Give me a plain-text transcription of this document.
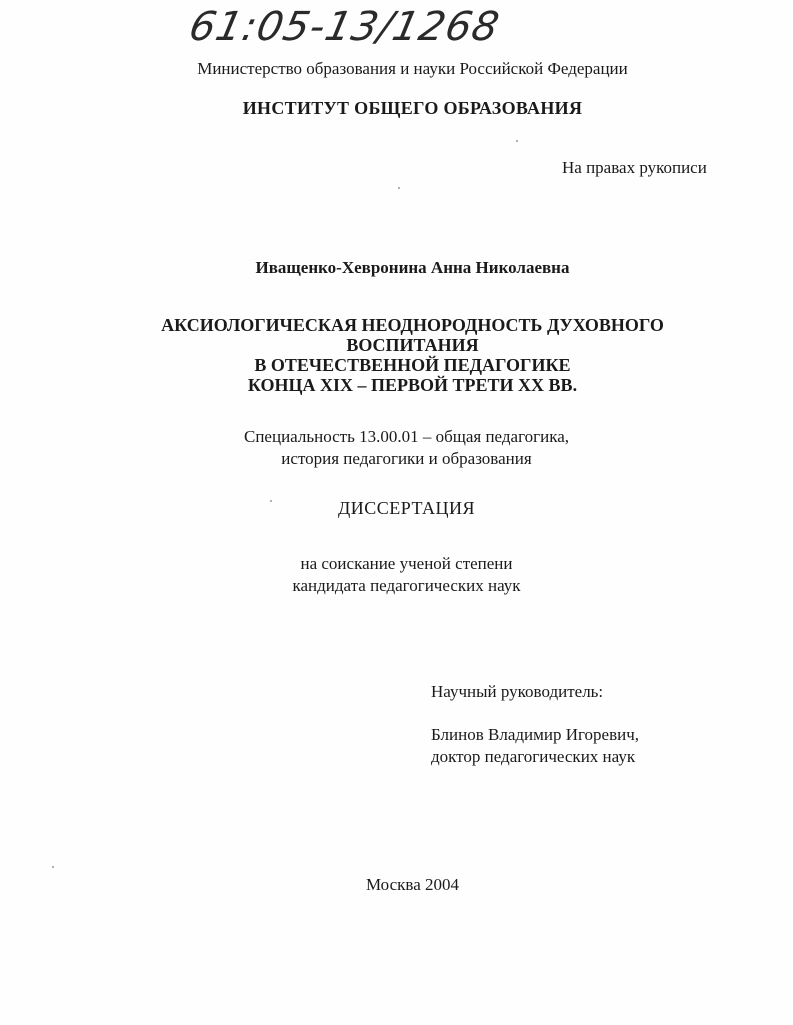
61:05-13/1268
Министерство образования и науки Российской Федерации
ИНСТИТУТ ОБЩЕГО ОБРАЗОВАНИЯ
На правах рукописи
Иващенко-Хевронина Анна Николаевна
АКСИОЛОГИЧЕСКАЯ НЕОДНОРОДНОСТЬ ДУХОВНОГО
ВОСПИТАНИЯ
В ОТЕЧЕСТВЕННОЙ ПЕДАГОГИКЕ
КОНЦА XIX – ПЕРВОЙ ТРЕТИ XX ВВ.
Специальность 13.00.01 – общая педагогика,
история педагогики и образования
ДИССЕРТАЦИЯ
на соискание ученой степени
кандидата педагогических наук
Научный руководитель:
Блинов Владимир Игоревич,
доктор педагогических наук
Москва 2004
